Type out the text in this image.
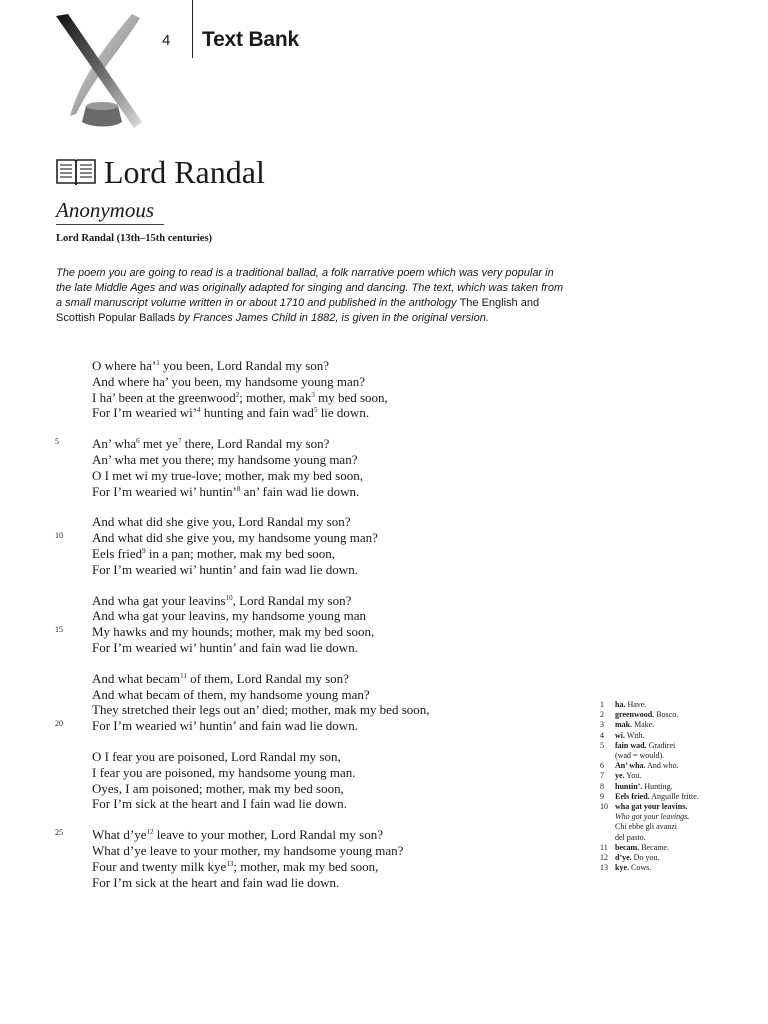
4 Text Bank
Lord Randal
Anonymous
Lord Randal (13th–15th centuries)
The poem you are going to read is a traditional ballad, a folk narrative poem which was very popular in the late Middle Ages and was originally adapted for singing and dancing. The text, which was taken from a small manuscript volume written in or about 1710 and published in the anthology The English and Scottish Popular Ballads by Frances James Child in 1882, is given in the original version.
O where ha’$^1$ you been, Lord Randal my son?
And where ha’ you been, my handsome young man?
I ha’ been at the greenwood$^2$; mother, mak$^3$ my bed soon,
For I’m wearied wi’$^4$ hunting and fain wad$^5$ lie down.
5	An’ wha$^6$ met $ye^7$ there, Lord Randal my son?
An’ wha met you there; my handsome young man?
O I met wi my true-love; mother, mak my bed soon,
For I’m wearied wi’ huntin’$^8$ an’ fain wad lie down.
And what did she give you, Lord Randal my son?
10 And what did she give you, my handsome young man?
Eels fried$^9$ in a pan; mother, mak my bed soon,
For I’m wearied wi’ huntin’ and fain wad lie down.
And wha gat your leavins$^{10}$, Lord Randal my son?
And wha gat your leavins, my handsome young man
15 My hawks and my hounds; mother, mak my bed soon,
For I’m wearied wi’ huntin’ and fain wad lie down.
And what becam$^{11}$ of them, Lord Randal my son?
And what becam of them, my handsome young man?
They stretched their legs out an’ died; mother, mak my bed soon,
20 For I’m wearied wi’ huntin’ and fain wad lie down.
O I fear you are poisoned, Lord Randal my son,
I fear you are poisoned, my handsome young man.
Oyes, I am poisoned; mother, mak my bed soon,
For I’m sick at the heart and I fain wad lie down.
25 What $d’ye^{12}$ leave to your mother, Lord Randal my son?
What d’ye leave to your mother, my handsome young man?
Four and twenty milk kye$^{13}$; mother, mak my bed soon,
For I’m sick at the heart and fain wad lie down.
1 ha. Have.
2 greenwood. Bosco.
3 mak. Make.
4 wi. With.
5 fain wad. Gradirei
(wad = would).
6 An’ wha. And who.
7 ye. You.
8 huntin’. Hunting.
9 Eels fried. Anguille fritte.
10 wha gat your leavins.
Who got your leavings.
Chi ebbe gli avanzi
del pasto.
11 becam. Became.
12 d’ye. Do you.
13 kye. Cows.
